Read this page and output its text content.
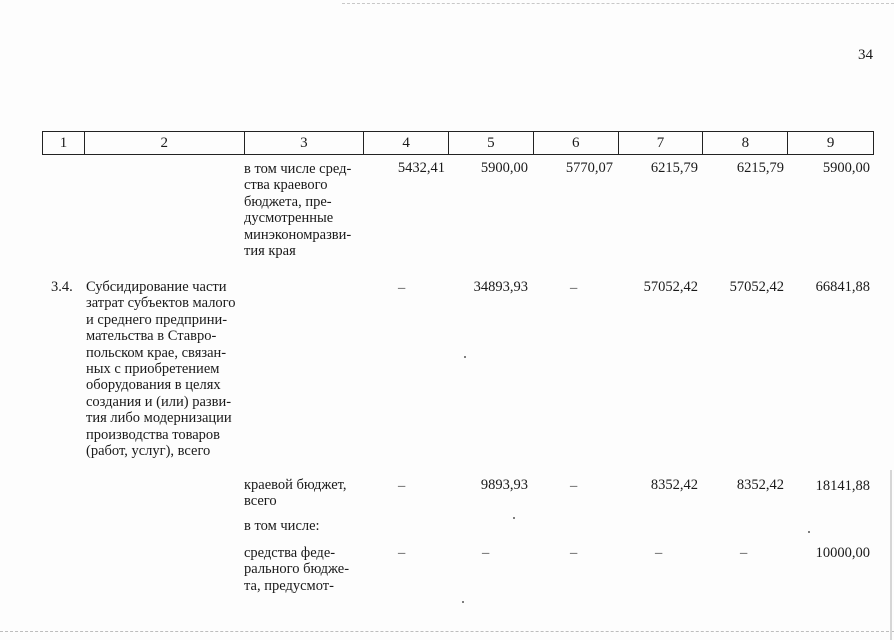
34
1	2	3	4	5	6	7	8	9
в том числе сред-
ства краевого
бюджета, пре-
дусмотренные
минэкономразви-
тия края
5432,41	5900,00	5770,07	6215,79	6215,79	5900,00
3.4. Субсидирование части
затрат субъектов малого
и среднего предприни-
мательства в Ставро-
польском крае, связан-
ных с приобретением
оборудования в целях
создания и (или) разви-
тия либо модернизации
производства товаров
(работ, услуг), всего
–	34893,93	–	57052,42	57052,42	66841,88
краевой бюджет,
всего
–	9893,93	–	8352,42	8352,42	18141,88
в том числе:
средства феде-
рального бюдже-
та, предусмот-
–	–	–	–	–	10000,00
